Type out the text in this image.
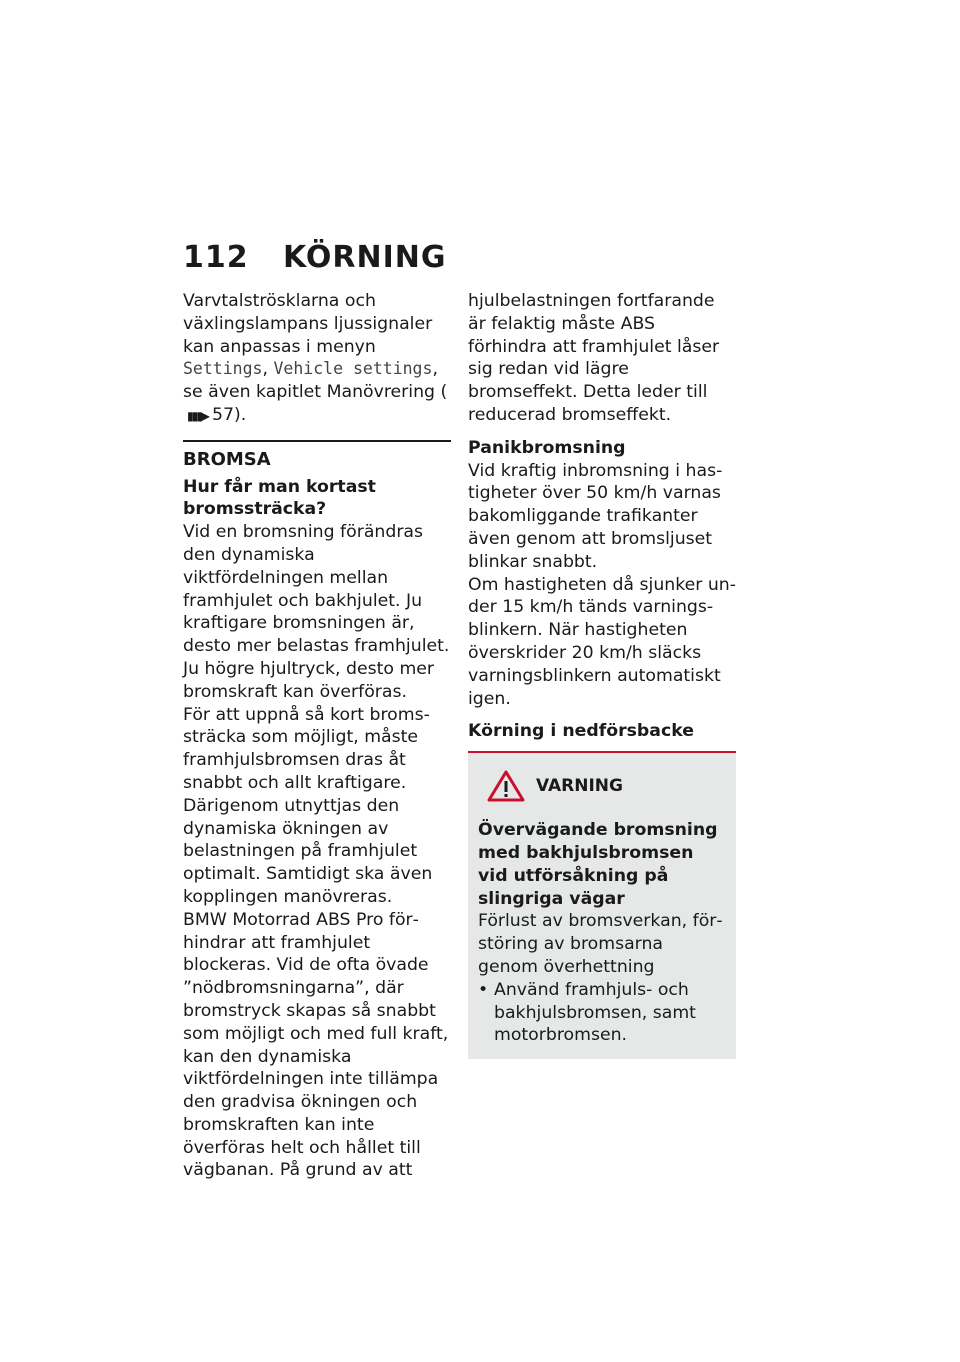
112	KÖRNING

Varvtalströsklarna och växlingslampans ljussignaler kan anpassas i menyn Settings, Vehicle settings, se även kapitlet Manövrering (▮▮▮▶ 57).

BROMSA
Hur får man kortast bromssträcka?

Vid en bromsning förändras den dynamiska viktfördelningen mellan framhjulet och bakhjulet. Ju kraftigare bromsningen är, desto mer belastas framhjulet. Ju högre hjultryck, desto mer bromskraft kan överföras.

För att uppnå så kort bromssträcka som möjligt, måste framhjulsbromsen dras åt snabbt och allt kraftigare. Därigenom utnyttjas den dynamiska ökningen av belastningen på framhjulet optimalt. Samtidigt ska även kopplingen manövreras.

BMW Motorrad ABS Pro förhindrar att framhjulet blockeras. Vid de ofta övade ”nödbromsningarna”, där bromstryck skapas så snabbt som möjligt och med full kraft, kan den dynamiska viktfördelningen inte tillämpa den gradvisa ökningen och bromskraften kan inte överföras helt och hållet till vägbanan. På grund av att

hjulbelastningen fortfarande är felaktig måste ABS förhindra att framhjulet låser sig redan vid lägre bromseffekt. Detta leder till reducerad bromseffekt.

Panikbromsning

Vid kraftig inbromsning i hastigheter över 50 km/h varnas bakomliggande trafikanter även genom att bromsljuset blinkar snabbt.

Om hastigheten då sjunker under 15 km/h tänds varningsblinkern. När hastigheten överskrider 20 km/h släcks varningsblinkern automatiskt igen.

Körning i nedförsbacke
VARNING
Övervägande bromsning med bakhjulsbromsen vid utförsåkning på slingriga vägar

Förlust av bromsverkan, förstöring av bromsarna genom överhettning

• Använd framhjuls- och bakhjulsbromsen, samt motorbromsen.
